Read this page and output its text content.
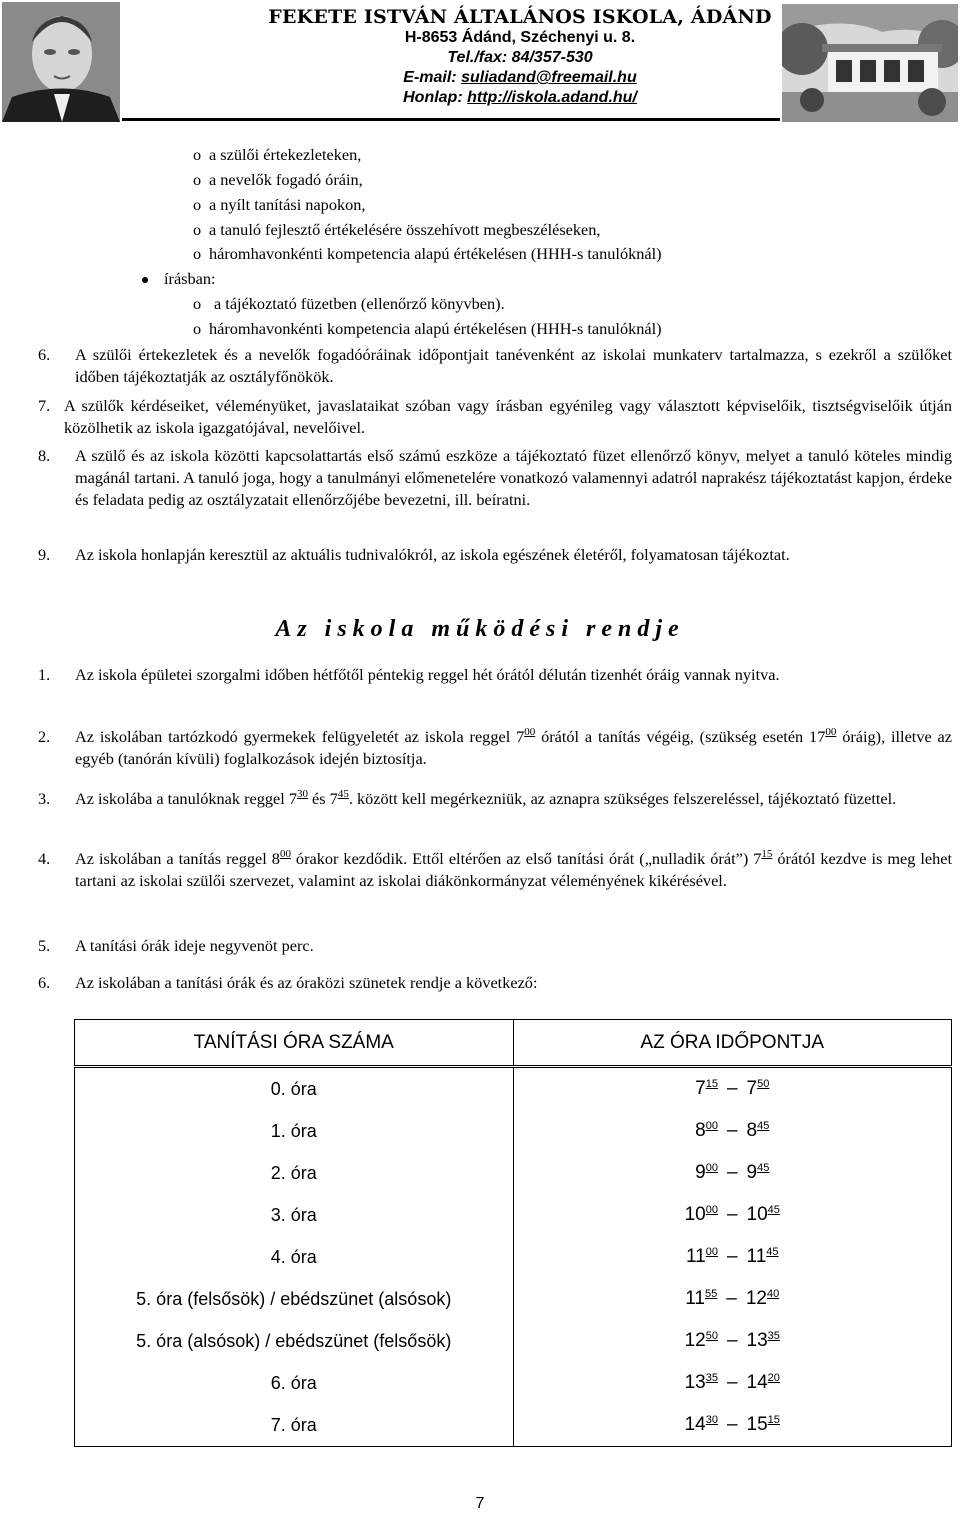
FEKETE ISTVÁN ÁLTALÁNOS ISKOLA, ÁDÁND
H-8653 Ádánd, Széchenyi u. 8.
Tel./fax: 84/357-530
E-mail: suliadand@freemail.hu
Honlap: http://iskola.adand.hu/
o a szülői értekezleteken,
o a nevelők fogadó óráin,
o a nyílt tanítási napokon,
o a tanuló fejlesztő értékelésére összehívott megbeszéléseken,
o háromhavonkénti kompetencia alapú értékelésen (HHH-s tanulóknál)
írásban:
o a tájékoztató füzetben (ellenőrző könyvben).
o háromhavonkénti kompetencia alapú értékelésen (HHH-s tanulóknál)
6. A szülői értekezletek és a nevelők fogadóóráinak időpontjait tanévenként az iskolai munkaterv tartalmazza, s ezekről a szülőket időben tájékoztatják az osztályfőnökök.
7. A szülők kérdéseiket, véleményüket, javaslataikat szóban vagy írásban egyénileg vagy választott képviselőik, tisztségviselőik útján közölhetik az iskola igazgatójával, nevelőivel.
8. A szülő és az iskola közötti kapcsolattartás első számú eszköze a tájékoztató füzet ellenőrző könyv, melyet a tanuló köteles mindig magánál tartani. A tanuló joga, hogy a tanulmányi előmenetelére vonatkozó valamennyi adatról naprakész tájékoztatást kapjon, érdeke és feladata pedig az osztályzatait ellenőrzőjébe bevezetni, ill. beíratni.
9. Az iskola honlapján keresztül az aktuális tudnivalókról, az iskola egészének életéről, folyamatosan tájékoztat.
Az iskola működési rendje
1. Az iskola épületei szorgalmi időben hétfőtől péntekig reggel hét órától délután tizenhét óráig vannak nyitva.
2. Az iskolában tartózkodó gyermekek felügyeletét az iskola reggel $7^{00}$ órától a tanítás végéig, (szükség esetén $17^{00}$ óráig), illetve az egyéb (tanórán kívüli) foglalkozások idején biztosítja.
3. Az iskolába a tanulóknak reggel $7^{30}$ és $7^{45}$. között kell megérkezniük, az aznapra szükséges felszereléssel, tájékoztató füzettel.
4. Az iskolában a tanítás reggel $8^{00}$ órakor kezdődik. Ettől eltérően az első tanítási órát („nulladik órát”) $7^{15}$ órától kezdve is meg lehet tartani az iskolai szülői szervezet, valamint az iskolai diákönkormányzat véleményének kikérésével.
5. A tanítási órák ideje negyvenöt perc.
6. Az iskolában a tanítási órák és az óraközi szünetek rendje a következő:
TANÍTÁSI ÓRA SZÁMA	AZ ÓRA IDŐPONTJA
0. óra	$7^{15} - 7^{50}$
1. óra	$8^{00} - 8^{45}$
2. óra	$9^{00} - 9^{45}$
3. óra	$10^{00} - 10^{45}$
4. óra	$11^{00} - 11^{45}$
5. óra (felsősök) / ebédszünet (alsósok)	$11^{55} - 12^{40}$
5. óra (alsósok) / ebédszünet (felsősök)	$12^{50} - 13^{35}$
6. óra	$13^{35} - 14^{20}$
7. óra	$14^{30} - 15^{15}$
7
